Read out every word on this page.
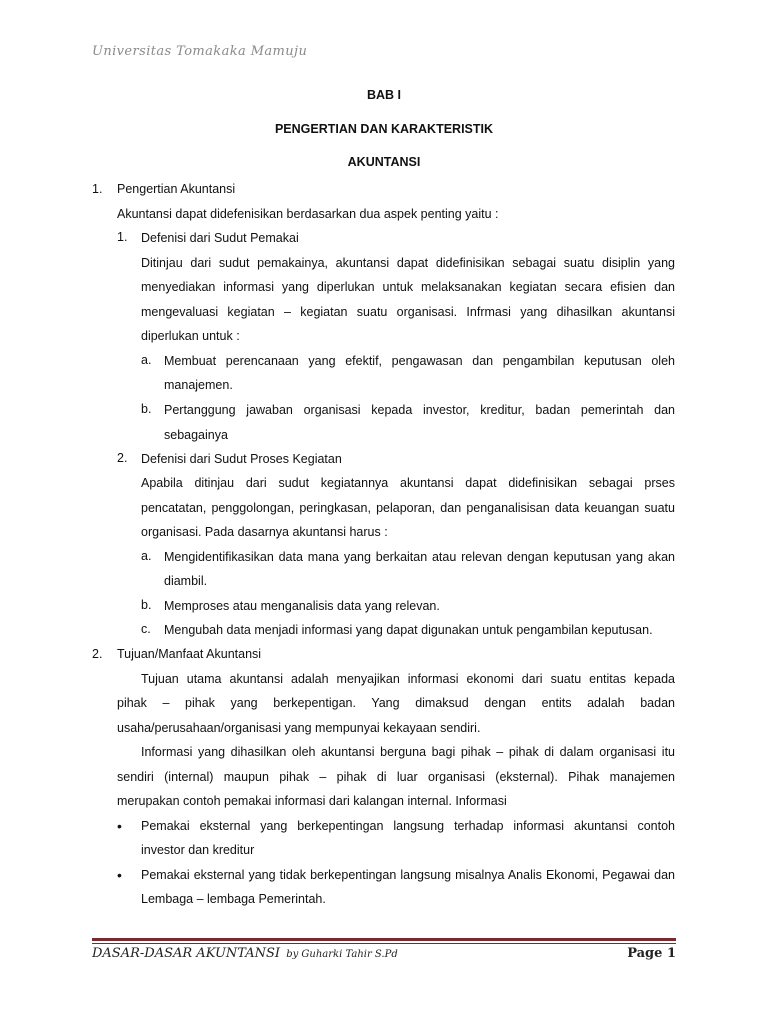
Universitas Tomakaka Mamuju
BAB I
PENGERTIAN DAN KARAKTERISTIK
AKUNTANSI
1. Pengertian Akuntansi
Akuntansi dapat didefenisikan berdasarkan dua aspek penting yaitu :
1. Defenisi dari Sudut Pemakai
Ditinjau dari sudut pemakainya, akuntansi dapat didefinisikan sebagai suatu disiplin yang
menyediakan informasi yang diperlukan untuk melaksanakan kegiatan secara efisien dan
mengevaluasi kegiatan – kegiatan suatu organisasi. Infrmasi yang dihasilkan akuntansi
diperlukan untuk :
a. Membuat perencanaan yang efektif, pengawasan dan pengambilan keputusan oleh
manajemen.
b. Pertanggung jawaban organisasi kepada investor, kreditur, badan pemerintah dan
sebagainya
2. Defenisi dari Sudut Proses Kegiatan
Apabila ditinjau dari sudut kegiatannya akuntansi dapat didefinisikan sebagai prses
pencatatan, penggolongan, peringkasan, pelaporan, dan penganalisisan data keuangan suatu
organisasi. Pada dasarnya akuntansi harus :
a. Mengidentifikasikan data mana yang berkaitan atau relevan dengan keputusan yang akan
diambil.
b. Memproses atau menganalisis data yang relevan.
c. Mengubah data menjadi informasi yang dapat digunakan untuk pengambilan keputusan.
2. Tujuan/Manfaat Akuntansi
Tujuan utama akuntansi adalah menyajikan informasi ekonomi dari suatu entitas kepada
pihak – pihak yang berkepentigan. Yang dimaksud dengan entits adalah badan
usaha/perusahaan/organisasi yang mempunyai kekayaan sendiri.
Informasi yang dihasilkan oleh akuntansi berguna bagi pihak – pihak di dalam organisasi itu
sendiri (internal) maupun pihak – pihak di luar organisasi (eksternal). Pihak manajemen
merupakan contoh pemakai informasi dari kalangan internal. Informasi
• Pemakai eksternal yang berkepentingan langsung terhadap informasi akuntansi contoh
investor dan kreditur
• Pemakai eksternal yang tidak berkepentingan langsung misalnya Analis Ekonomi, Pegawai dan
Lembaga – lembaga Pemerintah.
DASAR-DASAR AKUNTANSI by Guharki Tahir S.Pd	Page 1
